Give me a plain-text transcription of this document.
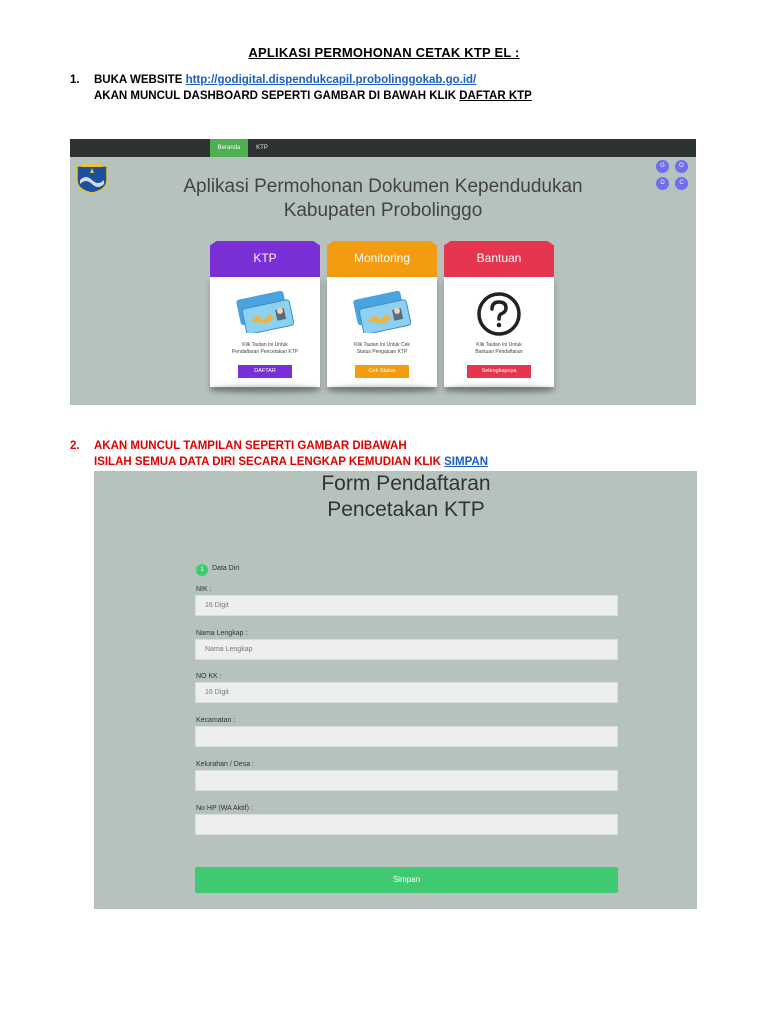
APLIKASI PERMOHONAN CETAK KTP EL :
1. BUKA WEBSITE http://godigital.dispendukcapil.probolinggokab.go.id/
AKAN MUNCUL DASHBOARD SEPERTI GAMBAR DI BAWAH KLIK DAFTAR KTP
Beranda	KTP
G	O
D	C
Aplikasi Permohonan Dokumen Kependudukan
Kabupaten Probolinggo
KTP
Klik Tautan Ini Untuk
Pendaftaran Pencetakan KTP
DAFTAR
Monitoring
Klik Tautan Ini Untuk Cek
Status Pengajuan KTP
Cek Status
Bantuan
Klik Tautan Ini Untuk
Bantuan Pendaftaran
Selengkapnya
2. AKAN MUNCUL TAMPILAN SEPERTI GAMBAR DIBAWAH
ISILAH SEMUA DATA DIRI SECARA LENGKAP KEMUDIAN KLIK SIMPAN
Form Pendaftaran
Pencetakan KTP
1	Data Diri
NIK :
16 Digit
Nama Lengkap :
Nama Lengkap
NO KK :
16 Digit
Kecamatan :
Kelurahan / Desa :
No HP (WA Aktif) :
Simpan
